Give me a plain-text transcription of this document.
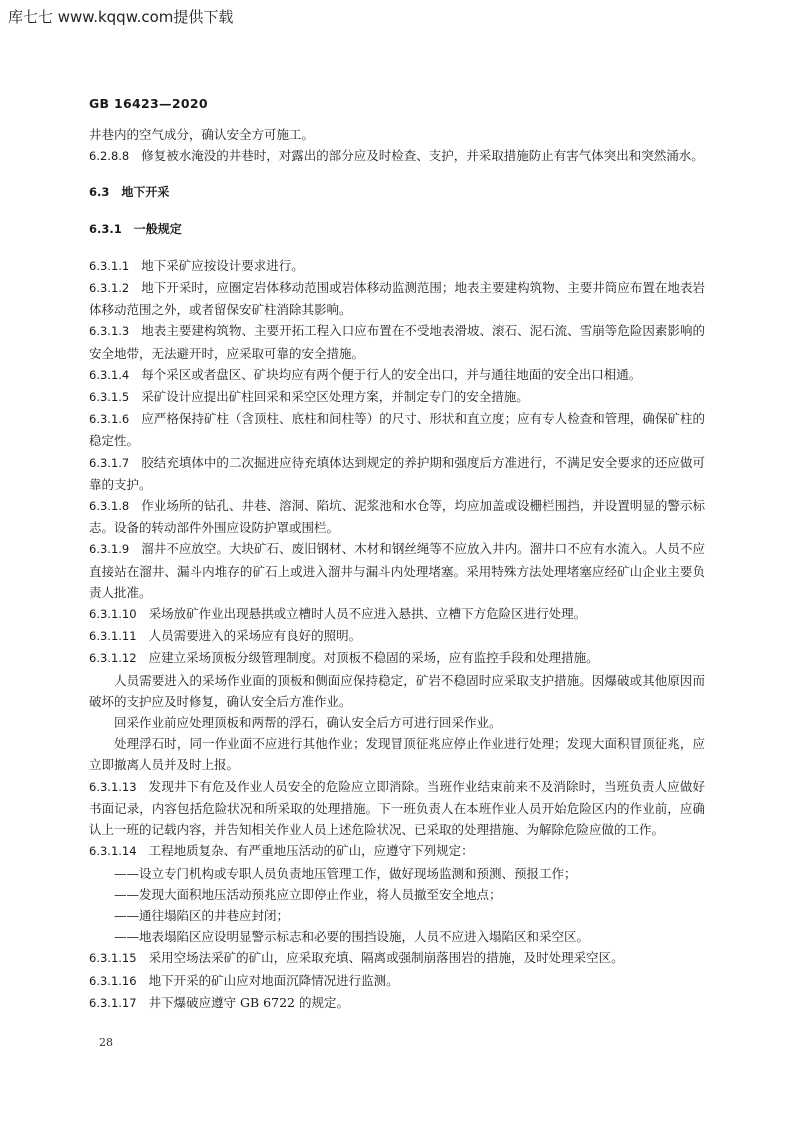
库七七 www.kqqw.com提供下载
GB 16423—2020

井巷内的空气成分，确认安全方可施工。

6.2.8.8 修复被水淹没的井巷时，对露出的部分应及时检查、支护，并采取措施防止有害气体突出和突然涌水。

6.3 地下开采

6.3.1 一般规定

6.3.1.1 地下采矿应按设计要求进行。

6.3.1.2 地下开采时，应圈定岩体移动范围或岩体移动监测范围；地表主要建构筑物、主要井筒应布置在地表岩体移动范围之外，或者留保安矿柱消除其影响。

6.3.1.3 地表主要建构筑物、主要开拓工程入口应布置在不受地表滑坡、滚石、泥石流、雪崩等危险因素影响的安全地带，无法避开时，应采取可靠的安全措施。

6.3.1.4 每个采区或者盘区、矿块均应有两个便于行人的安全出口，并与通往地面的安全出口相通。

6.3.1.5 采矿设计应提出矿柱回采和采空区处理方案，并制定专门的安全措施。

6.3.1.6 应严格保持矿柱（含顶柱、底柱和间柱等）的尺寸、形状和直立度；应有专人检查和管理，确保矿柱的稳定性。

6.3.1.7 胶结充填体中的二次掘进应待充填体达到规定的养护期和强度后方准进行，不满足安全要求的还应做可靠的支护。

6.3.1.8 作业场所的钻孔、井巷、溶洞、陷坑、泥浆池和水仓等，均应加盖或设栅栏围挡，并设置明显的警示标志。设备的转动部件外围应设防护罩或围栏。

6.3.1.9 溜井不应放空。大块矿石、废旧钢材、木材和钢丝绳等不应放入井内。溜井口不应有水流入。人员不应直接站在溜井、漏斗内堆存的矿石上或进入溜井与漏斗内处理堵塞。采用特殊方法处理堵塞应经矿山企业主要负责人批准。

6.3.1.10 采场放矿作业出现悬拱或立槽时人员不应进入悬拱、立槽下方危险区进行处理。

6.3.1.11 人员需要进入的采场应有良好的照明。

6.3.1.12 应建立采场顶板分级管理制度。对顶板不稳固的采场，应有监控手段和处理措施。

人员需要进入的采场作业面的顶板和侧面应保持稳定，矿岩不稳固时应采取支护措施。因爆破或其他原因而破坏的支护应及时修复，确认安全后方准作业。

回采作业前应处理顶板和两帮的浮石，确认安全后方可进行回采作业。

处理浮石时，同一作业面不应进行其他作业；发现冒顶征兆应停止作业进行处理；发现大面积冒顶征兆，应立即撤离人员并及时上报。

6.3.1.13 发现井下有危及作业人员安全的危险应立即消除。当班作业结束前来不及消除时，当班负责人应做好书面记录，内容包括危险状况和所采取的处理措施。下一班负责人在本班作业人员开始危险区内的作业前，应确认上一班的记载内容，并告知相关作业人员上述危险状况、已采取的处理措施、为解除危险应做的工作。

6.3.1.14 工程地质复杂、有严重地压活动的矿山，应遵守下列规定：

——设立专门机构或专职人员负责地压管理工作，做好现场监测和预测、预报工作；

——发现大面积地压活动预兆应立即停止作业，将人员撤至安全地点；

——通往塌陷区的井巷应封闭；

——地表塌陷区应设明显警示标志和必要的围挡设施，人员不应进入塌陷区和采空区。

6.3.1.15 采用空场法采矿的矿山，应采取充填、隔离或强制崩落围岩的措施，及时处理采空区。

6.3.1.16 地下开采的矿山应对地面沉降情况进行监测。

6.3.1.17 井下爆破应遵守 GB 6722 的规定。

28
